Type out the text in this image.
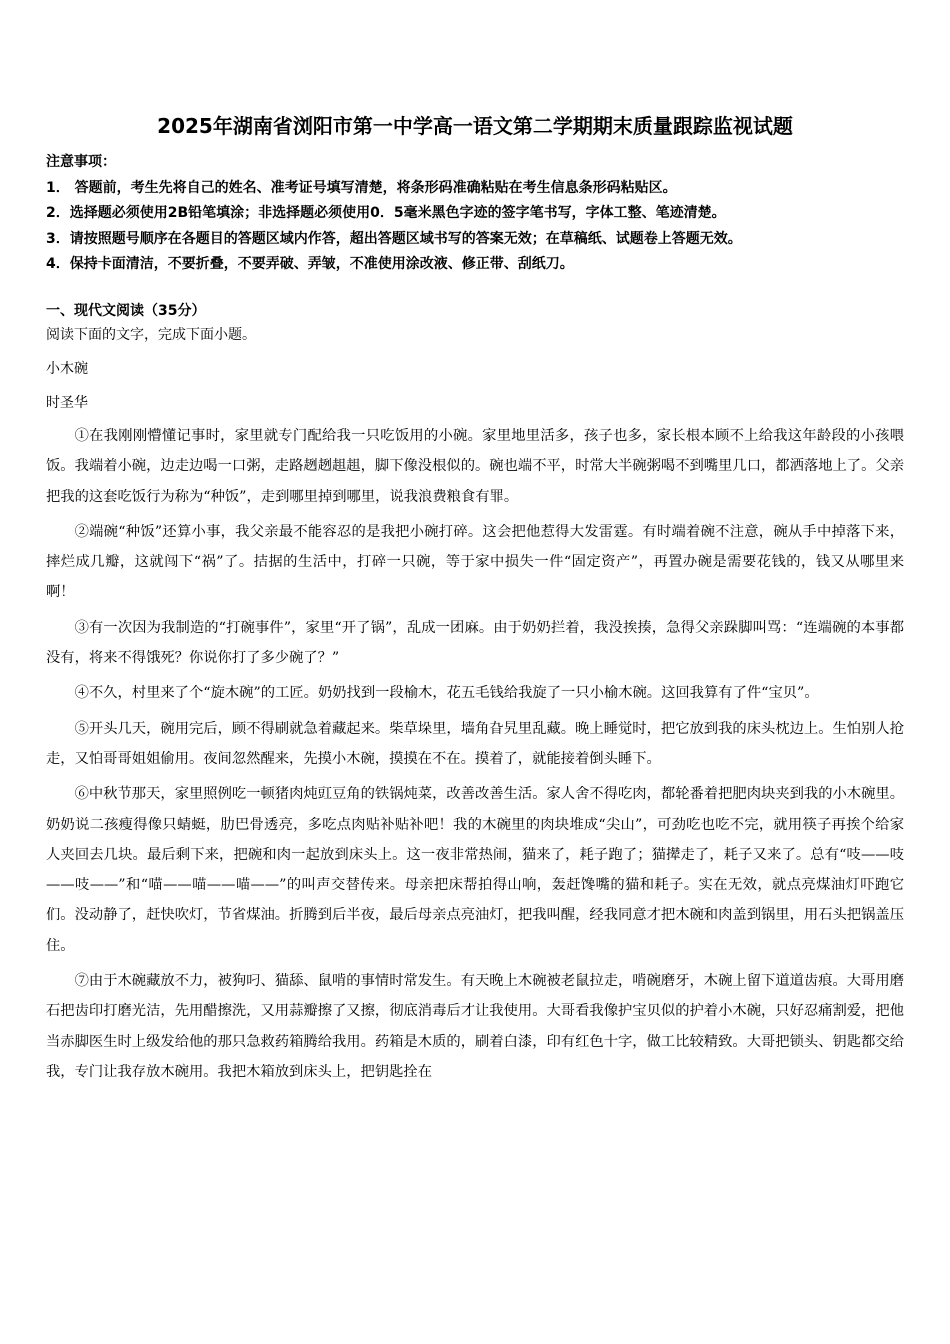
2025年湖南省浏阳市第一中学高一语文第二学期期末质量跟踪监视试题
注意事项：
1． 答题前，考生先将自己的姓名、准考证号填写清楚，将条形码准确粘贴在考生信息条形码粘贴区。
2．选择题必须使用2B铅笔填涂；非选择题必须使用0．5毫米黑色字迹的签字笔书写，字体工整、笔迹清楚。
3．请按照题号顺序在各题目的答题区域内作答，超出答题区域书写的答案无效；在草稿纸、试题卷上答题无效。
4．保持卡面清洁，不要折叠，不要弄破、弄皱，不准使用涂改液、修正带、刮纸刀。
一、现代文阅读（35分）
阅读下面的文字，完成下面小题。
小木碗
时圣华

①在我刚刚懵懂记事时，家里就专门配给我一只吃饭用的小碗。家里地里活多，孩子也多，家长根本顾不上给我这年龄段的小孩喂饭。我端着小碗，边走边喝一口粥，走路趔趔趄趄，脚下像没根似的。碗也端不平，时常大半碗粥喝不到嘴里几口，都洒落地上了。父亲把我的这套吃饭行为称为“种饭”，走到哪里掉到哪里，说我浪费粮食有罪。

②端碗“种饭”还算小事，我父亲最不能容忍的是我把小碗打碎。这会把他惹得大发雷霆。有时端着碗不注意，碗从手中掉落下来，摔烂成几瓣，这就闯下“祸”了。拮据的生活中，打碎一只碗，等于家中损失一件“固定资产”，再置办碗是需要花钱的，钱又从哪里来啊！

③有一次因为我制造的“打碗事件”，家里“开了锅”，乱成一团麻。由于奶奶拦着，我没挨揍，急得父亲跺脚叫骂：“连端碗的本事都没有，将来不得饿死？你说你打了多少碗了？”

④不久，村里来了个“旋木碗”的工匠。奶奶找到一段榆木，花五毛钱给我旋了一只小榆木碗。这回我算有了件“宝贝”。

⑤开头几天，碗用完后，顾不得刷就急着藏起来。柴草垛里，墙角旮旯里乱藏。晚上睡觉时，把它放到我的床头枕边上。生怕别人抢走，又怕哥哥姐姐偷用。夜间忽然醒来，先摸小木碗，摸摸在不在。摸着了，就能接着倒头睡下。

⑥中秋节那天，家里照例吃一顿猪肉炖豇豆角的铁锅炖菜，改善改善生活。家人舍不得吃肉，都轮番着把肥肉块夹到我的小木碗里。奶奶说二孩瘦得像只蜻蜓，肋巴骨透亮，多吃点肉贴补贴补吧！我的木碗里的肉块堆成“尖山”，可劲吃也吃不完，就用筷子再挨个给家人夹回去几块。最后剩下来，把碗和肉一起放到床头上。这一夜非常热闹，猫来了，耗子跑了；猫撵走了，耗子又来了。总有“吱——吱——吱——”和“喵——喵——喵——”的叫声交替传来。母亲把床帮拍得山响，轰赶馋嘴的猫和耗子。实在无效，就点亮煤油灯吓跑它们。没动静了，赶快吹灯，节省煤油。折腾到后半夜，最后母亲点亮油灯，把我叫醒，经我同意才把木碗和肉盖到锅里，用石头把锅盖压住。

⑦由于木碗藏放不力，被狗叼、猫舔、鼠啃的事情时常发生。有天晚上木碗被老鼠拉走，啃碗磨牙，木碗上留下道道齿痕。大哥用磨石把齿印打磨光洁，先用醋擦洗，又用蒜瓣擦了又擦，彻底消毒后才让我使用。大哥看我像护宝贝似的护着小木碗，只好忍痛割爱，把他当赤脚医生时上级发给他的那只急救药箱腾给我用。药箱是木质的，刷着白漆，印有红色十字，做工比较精致。大哥把锁头、钥匙都交给我，专门让我存放木碗用。我把木箱放到床头上，把钥匙拴在
